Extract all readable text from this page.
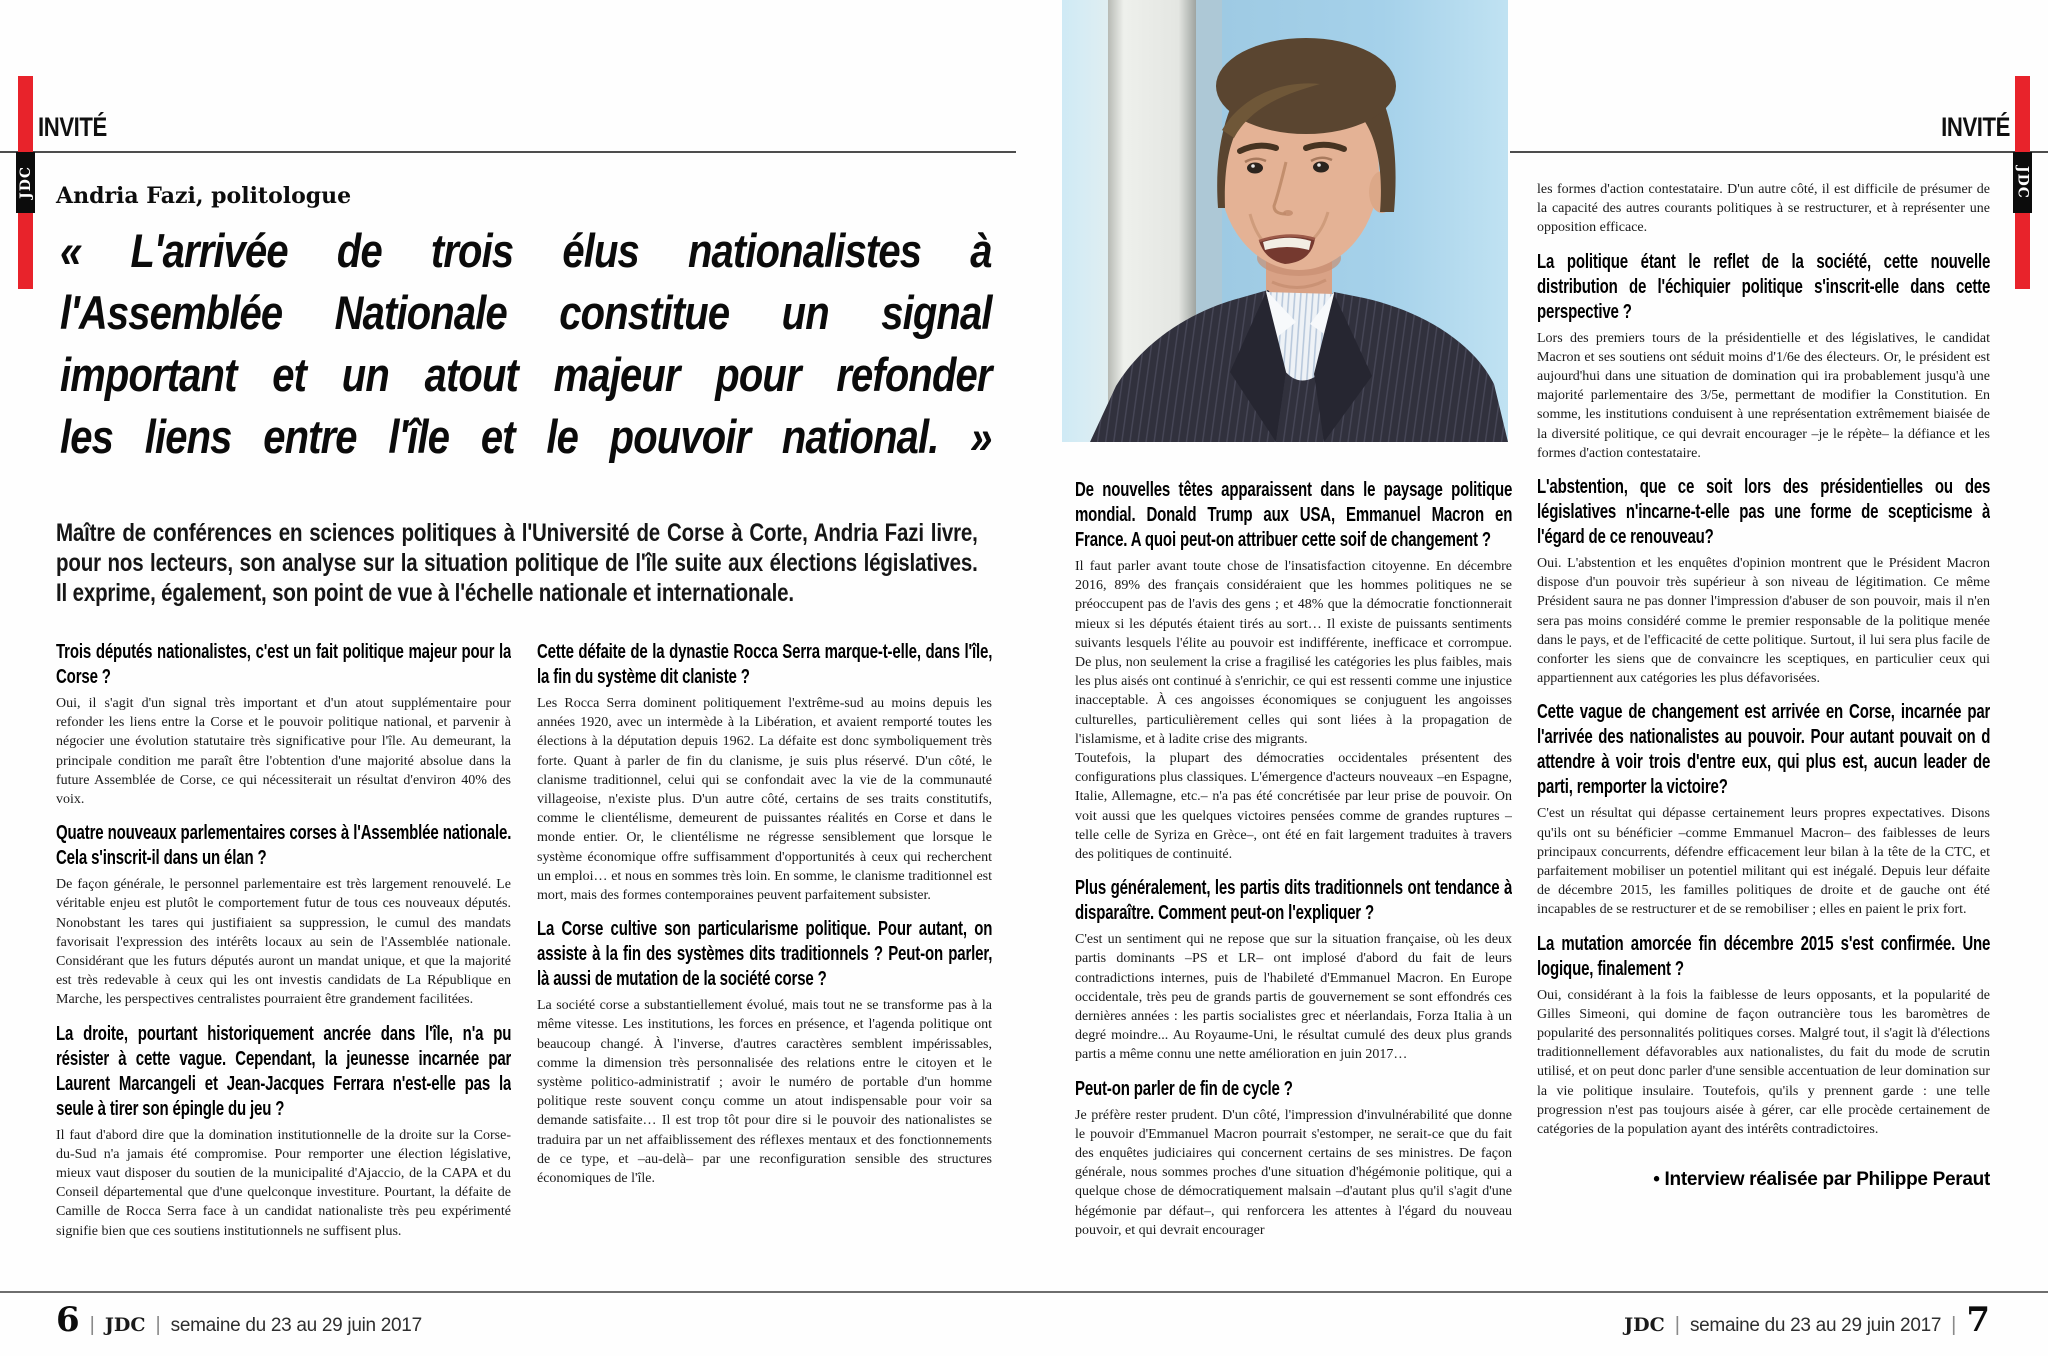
JDC	JDC
INVITÉ	INVITÉ
Andria Fazi, politologue
« L'arrivée de trois élus nationalistes à
l'Assemblée Nationale constitue un signal
important et un atout majeur pour refonder
les liens entre l'île et le pouvoir national. »
Maître de conférences en sciences politiques à l'Université de Corse à Corte, Andria Fazi livre, pour nos lecteurs, son analyse sur la situation politique de l'île suite aux élections législatives. Il exprime, également, son point de vue à l'échelle nationale et internationale.
Trois députés nationalistes, c'est un fait politique majeur pour la Corse ?

Oui, il s'agit d'un signal très important et d'un atout supplémentaire pour refonder les liens entre la Corse et le pouvoir politique national, et parvenir à négocier une évolution statutaire très significative pour l'île. Au demeurant, la principale condition me paraît être l'obtention d'une majorité absolue dans la future Assemblée de Corse, ce qui nécessiterait un résultat d'environ 40% des voix.

Quatre nouveaux parlementaires corses à l'Assemblée nationale. Cela s'inscrit-il dans un élan ?

De façon générale, le personnel parlementaire est très largement renouvelé. Le véritable enjeu est plutôt le comportement futur de tous ces nouveaux députés. Nonobstant les tares qui justifiaient sa suppression, le cumul des mandats favorisait l'expression des intérêts locaux au sein de l'Assemblée nationale. Considérant que les futurs députés auront un mandat unique, et que la majorité est très redevable à ceux qui les ont investis candidats de La République en Marche, les perspectives centralistes pourraient être grandement facilitées.

La droite, pourtant historiquement ancrée dans l'île, n'a pu résister à cette vague. Cependant, la jeunesse incarnée par Laurent Marcangeli et Jean-Jacques Ferrara n'est-elle pas la seule à tirer son épingle du jeu ?

Il faut d'abord dire que la domination institutionnelle de la droite sur la Corse-du-Sud n'a jamais été compromise. Pour remporter une élection législative, mieux vaut disposer du soutien de la municipalité d'Ajaccio, de la CAPA et du Conseil départemental que d'une quelconque investiture. Pourtant, la défaite de Camille de Rocca Serra face à un candidat nationaliste très peu expérimenté signifie bien que ces soutiens institutionnels ne suffisent plus.

Cette défaite de la dynastie Rocca Serra marque-t-elle, dans l'île, la fin du système dit claniste ?

Les Rocca Serra dominent politiquement l'extrême-sud au moins depuis les années 1920, avec un intermède à la Libération, et avaient remporté toutes les élections à la députation depuis 1962. La défaite est donc symboliquement très forte. Quant à parler de fin du clanisme, je suis plus réservé. D'un côté, le clanisme traditionnel, celui qui se confondait avec la vie de la communauté villageoise, n'existe plus. D'un autre côté, certains de ses traits constitutifs, comme le clientélisme, demeurent de puissantes réalités en Corse et dans le monde entier. Or, le clientélisme ne régresse sensiblement que lorsque le système économique offre suffisamment d'opportunités à ceux qui recherchent un emploi… et nous en sommes très loin. En somme, le clanisme traditionnel est mort, mais des formes contemporaines peuvent parfaitement subsister.

La Corse cultive son particularisme politique. Pour autant, on assiste à la fin des systèmes dits traditionnels ? Peut-on parler, là aussi de mutation de la société corse ?

La société corse a substantiellement évolué, mais tout ne se transforme pas à la même vitesse. Les institutions, les forces en présence, et l'agenda politique ont beaucoup changé. À l'inverse, d'autres caractères semblent impérissables, comme la dimension très personnalisée des relations entre le citoyen et le système politico-administratif ; avoir le numéro de portable d'un homme politique reste souvent conçu comme un atout indispensable pour voir sa demande satisfaite… Il est trop tôt pour dire si le pouvoir des nationalistes se traduira par un net affaiblissement des réflexes mentaux et des fonctionnements de ce type, et –au-delà– par une reconfiguration sensible des structures économiques de l'île.

De nouvelles têtes apparaissent dans le paysage politique mondial. Donald Trump aux USA, Emmanuel Macron en France. A quoi peut-on attribuer cette soif de changement ?

Il faut parler avant toute chose de l'insatisfaction citoyenne. En décembre 2016, 89% des français considéraient que les hommes politiques ne se préoccupent pas de l'avis des gens ; et 48% que la démocratie fonctionnerait mieux si les députés étaient tirés au sort… Il existe de puissants sentiments suivants lesquels l'élite au pouvoir est indifférente, inefficace et corrompue. De plus, non seulement la crise a fragilisé les catégories les plus faibles, mais les plus aisés ont continué à s'enrichir, ce qui est ressenti comme une injustice inacceptable. À ces angoisses économiques se conjuguent les angoisses culturelles, particulièrement celles qui sont liées à la propagation de l'islamisme, et à ladite crise des migrants.

Toutefois, la plupart des démocraties occidentales présentent des configurations plus classiques. L'émergence d'acteurs nouveaux –en Espagne, Italie, Allemagne, etc.– n'a pas été concrétisée par leur prise de pouvoir. On voit aussi que les quelques victoires pensées comme de grandes ruptures –telle celle de Syriza en Grèce–, ont été en fait largement traduites à travers des politiques de continuité.

Plus généralement, les partis dits traditionnels ont tendance à disparaître. Comment peut-on l'expliquer ?

C'est un sentiment qui ne repose que sur la situation française, où les deux partis dominants –PS et LR– ont implosé d'abord du fait de leurs contradictions internes, puis de l'habileté d'Emmanuel Macron. En Europe occidentale, très peu de grands partis de gouvernement se sont effondrés ces dernières années : les partis socialistes grec et néerlandais, Forza Italia à un degré moindre... Au Royaume-Uni, le résultat cumulé des deux plus grands partis a même connu une nette amélioration en juin 2017…

Peut-on parler de fin de cycle ?

Je préfère rester prudent. D'un côté, l'impression d'invulnérabilité que donne le pouvoir d'Emmanuel Macron pourrait s'estomper, ne serait-ce que du fait des enquêtes judiciaires qui concernent certains de ses ministres. De façon générale, nous sommes proches d'une situation d'hégémonie politique, qui a quelque chose de démocratiquement malsain –d'autant plus qu'il s'agit d'une hégémonie par défaut–, qui renforcera les attentes à l'égard du nouveau pouvoir, et qui devrait encourager

les formes d'action contestataire. D'un autre côté, il est difficile de présumer de la capacité des autres courants politiques à se restructurer, et à représenter une opposition efficace.

La politique étant le reflet de la société, cette nouvelle distribution de l'échiquier politique s'inscrit-elle dans cette perspective ?

Lors des premiers tours de la présidentielle et des législatives, le candidat Macron et ses soutiens ont séduit moins d'1/6e des électeurs. Or, le président est aujourd'hui dans une situation de domination qui ira probablement jusqu'à une majorité parlementaire des 3/5e, permettant de modifier la Constitution. En somme, les institutions conduisent à une représentation extrêmement biaisée de la diversité politique, ce qui devrait encourager –je le répète– la défiance et les formes d'action contestataire.

L'abstention, que ce soit lors des présidentielles ou des législatives n'incarne-t-elle pas une forme de scepticisme à l'égard de ce renouveau?

Oui. L'abstention et les enquêtes d'opinion montrent que le Président Macron dispose d'un pouvoir très supérieur à son niveau de légitimation. Ce même Président saura ne pas donner l'impression d'abuser de son pouvoir, mais il n'en sera pas moins considéré comme le premier responsable de la politique menée dans le pays, et de l'efficacité de cette politique. Surtout, il lui sera plus facile de conforter les siens que de convaincre les sceptiques, en particulier ceux qui appartiennent aux catégories les plus défavorisées.

Cette vague de changement est arrivée en Corse, incarnée par l'arrivée des nationalistes au pouvoir. Pour autant pouvait on d attendre à voir trois d'entre eux, qui plus est, aucun leader de parti, remporter la victoire?

C'est un résultat qui dépasse certainement leurs propres expectatives. Disons qu'ils ont su bénéficier –comme Emmanuel Macron– des faiblesses de leurs principaux concurrents, défendre efficacement leur bilan à la tête de la CTC, et parfaitement mobiliser un potentiel militant qui est inégalé. Depuis leur défaite de décembre 2015, les familles politiques de droite et de gauche ont été incapables de se restructurer et de se remobiliser ; elles en paient le prix fort.

La mutation amorcée fin décembre 2015 s'est confirmée. Une logique, finalement ?

Oui, considérant à la fois la faiblesse de leurs opposants, et la popularité de Gilles Simeoni, qui domine de façon outrancière tous les baromètres de popularité des personnalités politiques corses. Malgré tout, il s'agit là d'élections traditionnellement défavorables aux nationalistes, du fait du mode de scrutin utilisé, et on peut donc parler d'une sensible accentuation de leur domination sur la vie politique insulaire. Toutefois, qu'ils y prennent garde : une telle progression n'est pas toujours aisée à gérer, car elle procède certainement de catégories de la population ayant des intérêts contradictoires.

• Interview réalisée par Philippe Peraut
6 | JDC | semaine du 23 au 29 juin 2017	JDC | semaine du 23 au 29 juin 2017 | 7
